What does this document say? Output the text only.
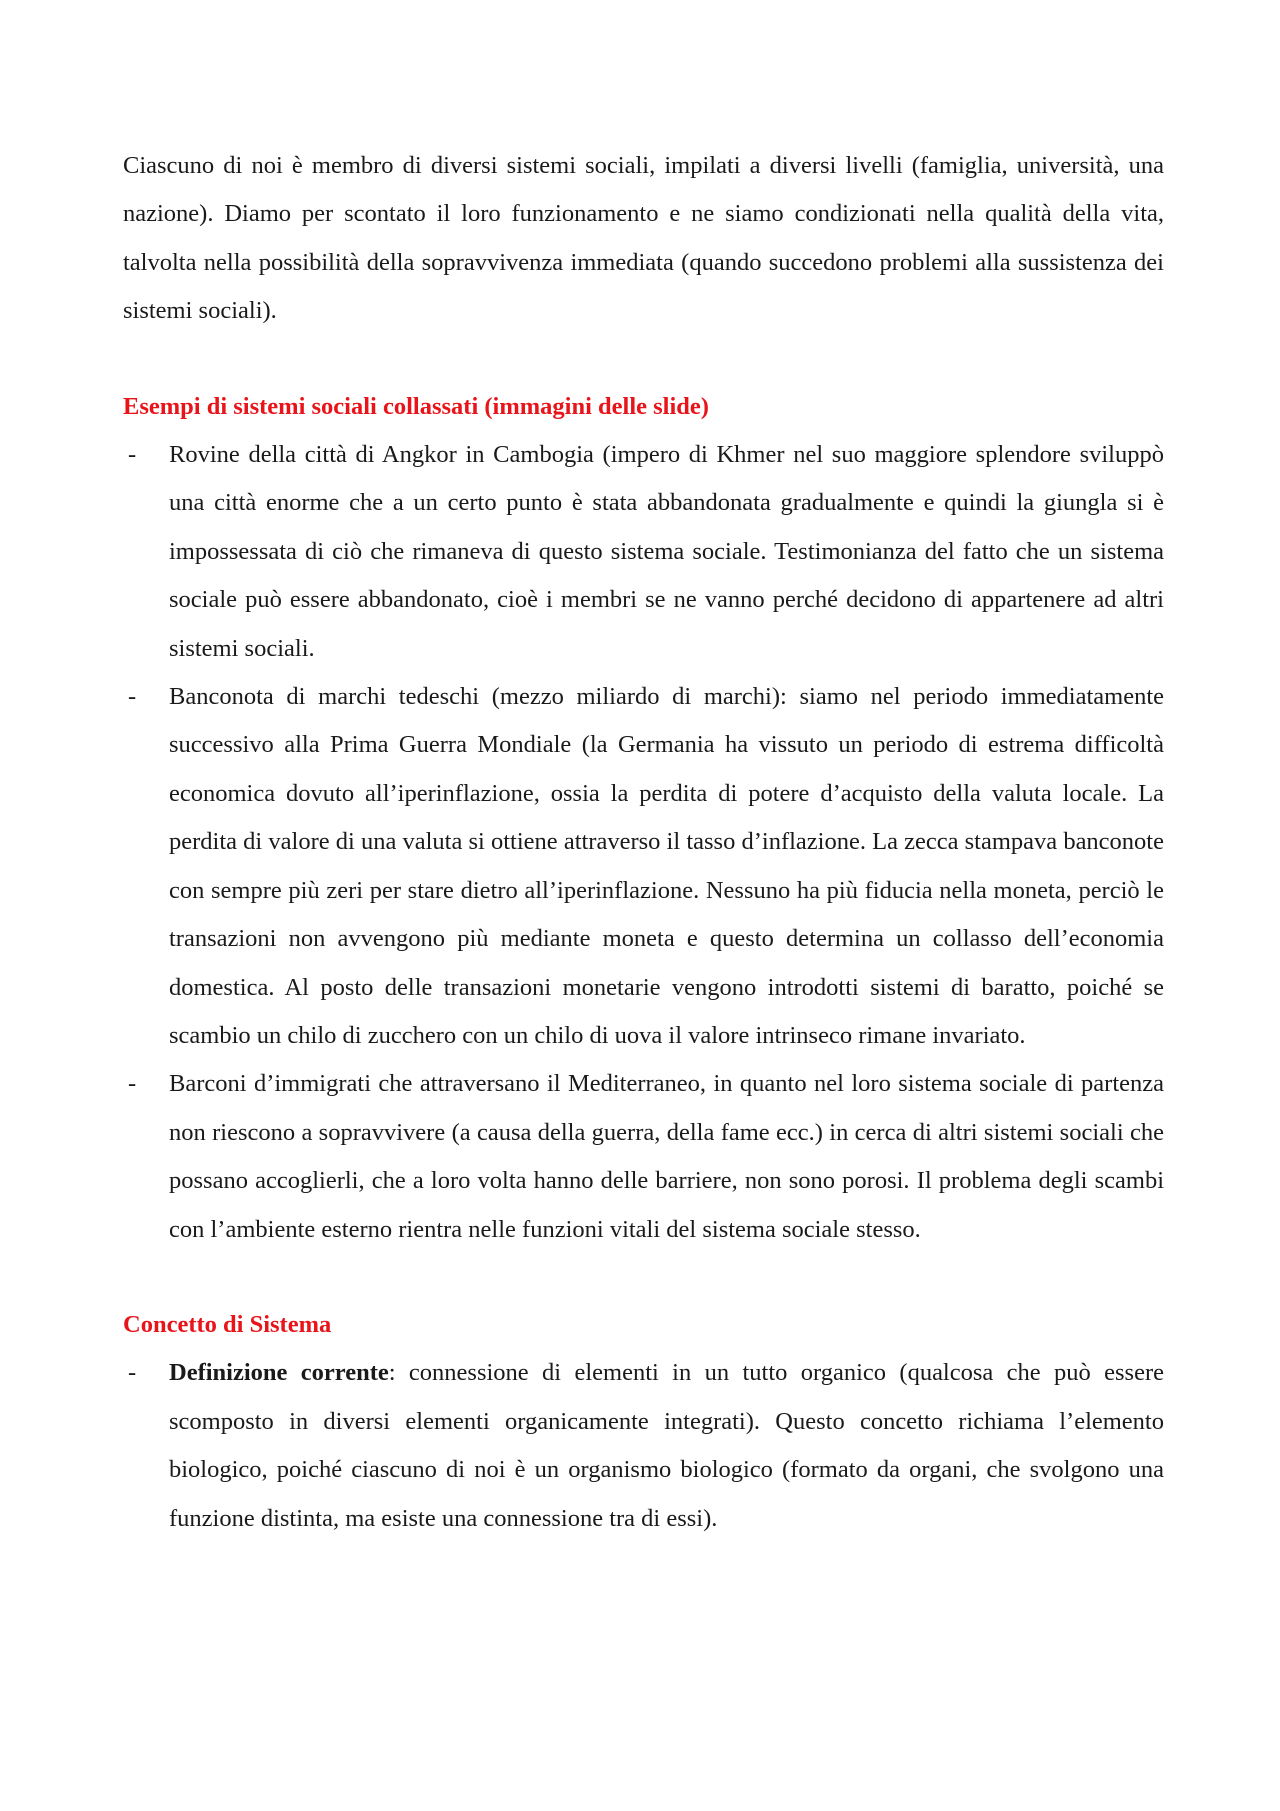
Ciascuno di noi è membro di diversi sistemi sociali, impilati a diversi livelli (famiglia, università, una nazione). Diamo per scontato il loro funzionamento e ne siamo condizionati nella qualità della vita, talvolta nella possibilità della sopravvivenza immediata (quando succedono problemi alla sussistenza dei sistemi sociali).

Esempi di sistemi sociali collassati (immagini delle slide)
- Rovine della città di Angkor in Cambogia (impero di Khmer nel suo maggiore splendore sviluppò una città enorme che a un certo punto è stata abbandonata gradualmente e quindi la giungla si è impossessata di ciò che rimaneva di questo sistema sociale. Testimonianza del fatto che un sistema sociale può essere abbandonato, cioè i membri se ne vanno perché decidono di appartenere ad altri sistemi sociali.
- Banconota di marchi tedeschi (mezzo miliardo di marchi): siamo nel periodo immediatamente successivo alla Prima Guerra Mondiale (la Germania ha vissuto un periodo di estrema difficoltà economica dovuto all’iperinflazione, ossia la perdita di potere d’acquisto della valuta locale. La perdita di valore di una valuta si ottiene attraverso il tasso d’inflazione. La zecca stampava banconote con sempre più zeri per stare dietro all’iperinflazione. Nessuno ha più fiducia nella moneta, perciò le transazioni non avvengono più mediante moneta e questo determina un collasso dell’economia domestica. Al posto delle transazioni monetarie vengono introdotti sistemi di baratto, poiché se scambio un chilo di zucchero con un chilo di uova il valore intrinseco rimane invariato.
- Barconi d’immigrati che attraversano il Mediterraneo, in quanto nel loro sistema sociale di partenza non riescono a sopravvivere (a causa della guerra, della fame ecc.) in cerca di altri sistemi sociali che possano accoglierli, che a loro volta hanno delle barriere, non sono porosi. Il problema degli scambi con l’ambiente esterno rientra nelle funzioni vitali del sistema sociale stesso.
Concetto di Sistema
- Definizione corrente: connessione di elementi in un tutto organico (qualcosa che può essere scomposto in diversi elementi organicamente integrati). Questo concetto richiama l’elemento biologico, poiché ciascuno di noi è un organismo biologico (formato da organi, che svolgono una funzione distinta, ma esiste una connessione tra di essi).
